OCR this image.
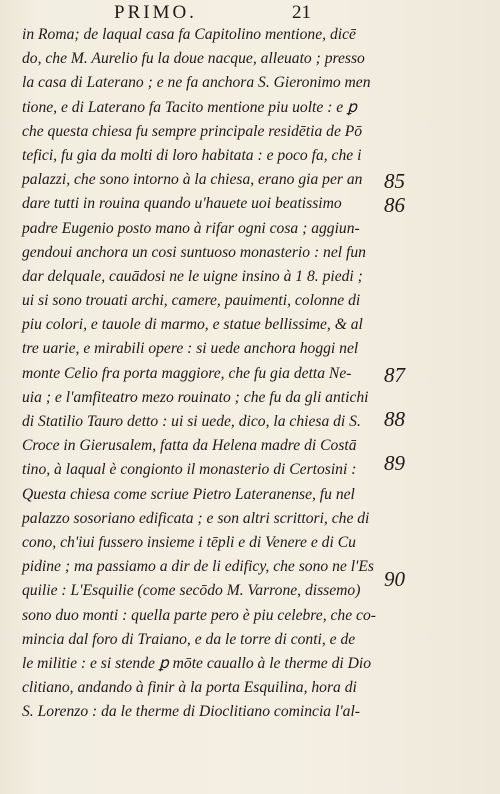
PRIMO.	21
in Roma; de laqual casa fa Capitolino mentione, dicē
do, che M. Aurelio fu la doue nacque, alleuato ; presso
la casa di Laterano ; e ne fa anchora S. Gieronimo men
tione, e di Laterano fa Tacito mentione piu uolte : e ꝑ
che questa chiesa fu sempre principale residētia de Pō
tefici, fu gia da molti di loro habitata : e poco fa, che i
palazzi, che sono intorno à la chiesa, erano gia per an
dare tutti in rouina quando u'hauete uoi beatissimo
padre Eugenio posto mano à rifar ogni cosa ; aggiun-
gendoui anchora un cosi suntuoso monasterio : nel fun
dar delquale, cauādosi ne le uigne insino à 1 8. piedi ;
ui si sono trouati archi, camere, pauimenti, colonne di
piu colori, e tauole di marmo, e statue bellissime, & al
tre uarie, e mirabili opere : si uede anchora hoggi nel
monte Celio fra porta maggiore, che fu gia detta Ne-
uia ; e l'amfiteatro mezo rouinato ; che fu da gli antichi
di Statilio Tauro detto : ui si uede, dico, la chiesa di S.
Croce in Gierusalem, fatta da Helena madre di Costā
tino, à laqual è congionto il monasterio di Certosini :
Questa chiesa come scriue Pietro Lateranense, fu nel
palazzo sosoriano edificata ; e son altri scrittori, che di
cono, ch'iui fussero insieme i tēpli e di Venere e di Cu
pidine ; ma passiamo a dir de li edificy, che sono ne l'Es
quilie : L'Esquilie (come secōdo M. Varrone, dissemo)
sono duo monti : quella parte pero è piu celebre, che co-
mincia dal foro di Traiano, e da le torre di conti, e de
le militie : e si stende ꝑ mōte cauallo à le therme di Dio
clitiano, andando à finir à la porta Esquilina, hora di
S. Lorenzo : da le therme di Dioclitiano comincia l'al-
85
86
87
88
89
90
